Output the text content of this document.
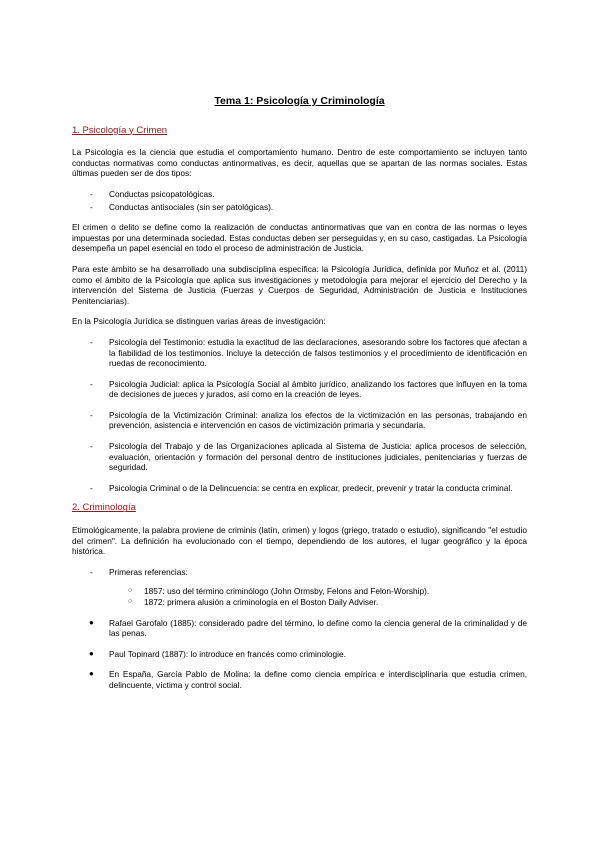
Tema 1: Psicología y Criminología
1. Psicología y Crimen

La Psicología es la ciencia que estudia el comportamiento humano. Dentro de este comportamiento se incluyen tanto conductas normativas como conductas antinormativas, es decir, aquellas que se apartan de las normas sociales. Estas últimas pueden ser de dos tipos:

- Conductas psicopatológicas.
- Conductas antisociales (sin ser patológicas).

El crimen o delito se define como la realización de conductas antinormativas que van en contra de las normas o leyes impuestas por una determinada sociedad. Estas conductas deben ser perseguidas y, en su caso, castigadas. La Psicología desempeña un papel esencial en todo el proceso de administración de Justicia.

Para este ámbito se ha desarrollado una subdisciplina específica: la Psicología Jurídica, definida por Muñoz et al. (2011) como el ámbito de la Psicología que aplica sus investigaciones y metodología para mejorar el ejercicio del Derecho y la intervención del Sistema de Justicia (Fuerzas y Cuerpos de Seguridad, Administración de Justicia e Instituciones Penitenciarias).

En la Psicología Jurídica se distinguen varias áreas de investigación:

- Psicología del Testimonio: estudia la exactitud de las declaraciones, asesorando sobre los factores que afectan a la fiabilidad de los testimonios. Incluye la detección de falsos testimonios y el procedimiento de identificación en ruedas de reconocimiento.
- Psicología Judicial: aplica la Psicología Social al ámbito jurídico, analizando los factores que influyen en la toma de decisiones de jueces y jurados, así como en la creación de leyes.
- Psicología de la Victimización Criminal: analiza los efectos de la victimización en las personas, trabajando en prevención, asistencia e intervención en casos de victimización primaria y secundaria.
- Psicología del Trabajo y de las Organizaciones aplicada al Sistema de Justicia: aplica procesos de selección, evaluación, orientación y formación del personal dentro de instituciones judiciales, penitenciarias y fuerzas de seguridad.
- Psicología Criminal o de la Delincuencia: se centra en explicar, predecir, prevenir y tratar la conducta criminal.
2. Criminología

Etimológicamente, la palabra proviene de criminis (latín, crimen) y logos (griego, tratado o estudio), significando "el estudio del crimen". La definición ha evolucionado con el tiempo, dependiendo de los autores, el lugar geográfico y la época histórica.

- Primeras referencias:
○ 1857: uso del término criminólogo (John Ormsby, Felons and Felon-Worship).
○ 1872: primera alusión a criminología en el Boston Daily Adviser.
● Rafael Garofalo (1885): considerado padre del término, lo define como la ciencia general de la criminalidad y de las penas.
● Paul Topinard (1887): lo introduce en francés como criminologie.
● En España, García Pablo de Molina: la define como ciencia empírica e interdisciplinaria que estudia crimen, delincuente, víctima y control social.
